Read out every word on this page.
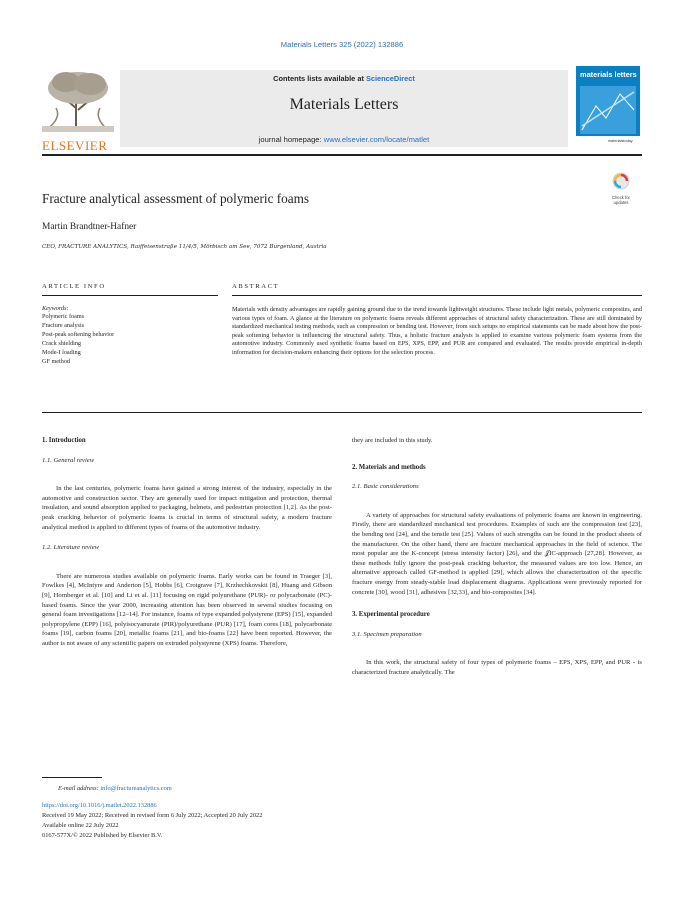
Materials Letters 325 (2022) 132886
ELSEVIER
Contents lists available at ScienceDirect
Materials Letters
journal homepage: www.elsevier.com/locate/matlet
materials letters
materialstoday
Check for updates
Fracture analytical assessment of polymeric foams
Martin Brandtner-Hafner
CEO, FRACTURE ANALYTICS, Raiffeisenstraße 11/4/5, Mörbisch am See, 7072 Burgenland, Austria
ARTICLE INFO
Keywords:
Polymeric foams
Fracture analysis
Post-peak softening behavior
Crack shielding
Mode-I loading
GF method
ABSTRACT
Materials with density advantages are rapidly gaining ground due to the trend towards lightweight structures. These include light metals, polymeric composites, and various types of foam. A glance at the literature on polymeric foams reveals different approaches of structural safety characterization. These are still dominated by standardized mechanical testing methods, such as compression or bending test. However, from such setups no empirical statements can be made about how the post-peak softening behavior is influencing the structural safety. Thus, a holistic fracture analysis is applied to examine various polymeric foam systems from the automotive industry. Commonly used synthetic foams based on EPS, XPS, EPP, and PUR are compared and evaluated. The results provide empirical in-depth information for decision-makers enhancing their options for the selection process.
1. Introduction
1.1. General review

In the last centuries, polymeric foams have gained a strong interest of the industry, especially in the automotive and construction sector. They are generally used for impact mitigation and protection, thermal insulation, and sound absorption applied to packaging, helmets, and pedestrian protection [1,2]. As the post-peak cracking behavior of polymeric foams is crucial in terms of structural safety, a modern fracture analytical method is applied to different types of foams of the automotive industry.

1.2. Literature review

There are numerous studies available on polymeric foams. Early works can be found in Traeger [3], Fowlkes [4], McIntyre and Anderton [5], Hobbs [6], Crotgrave [7], Krzhechkovskii [8], Huang and Gibson [9], Hornberger et al. [10] and Li et al. [11] focusing on rigid polyurethane (PUR)- or polycarbonate (PC)-based foams. Since the year 2000, increasing attention has been observed in several studies focusing on general foam investigations [12–14]. For instance, foams of type expanded polystyrene (EPS) [15], expanded polypropylene (EPP) [16], polyisocyanurate (PIR)/polyurethane (PUR) [17], foam cores [18], polycarbonate foams [19], carbon foams [20], metallic foams [21], and bio-foams [22] have been reported. However, the author is not aware of any scientific papers on extruded polystyrene (XPS) foams. Therefore,

they are included in this study.
2. Materials and methods
2.1. Basic considerations

A variety of approaches for structural safety evaluations of polymeric foams are known in engineering. Firstly, there are standardized mechanical test procedures. Examples of such are the compression test [23], the bending test [24], and the tensile test [25]. Values of such strengths can be found in the product sheets of the manufacturer. On the other hand, there are fracture mechanical approaches in the field of science. The most popular are the K-concept (stress intensity factor) [26], and the 𝒥IC-approach [27,28]. However, as these methods fully ignore the post-peak cracking behavior, the measured values are too low. Hence, an alternative approach called GF-method is applied [29], which allows the characterization of the specific fracture energy from steady-stable load displacement diagrams. Applications were previously reported for concrete [30], wood [31], adhesives [32,33], and bio-composites [34].

3. Experimental procedure
3.1. Specimen preparation

In this work, the structural safety of four types of polymeric foams – EPS, XPS, EPP, and PUR - is characterized fracture analytically. The

E-mail address: info@fractureanalytics.com
https://doi.org/10.1016/j.matlet.2022.132886
Received 19 May 2022; Received in revised form 6 July 2022; Accepted 20 July 2022
Available online 22 July 2022
0167-577X/© 2022 Published by Elsevier B.V.
